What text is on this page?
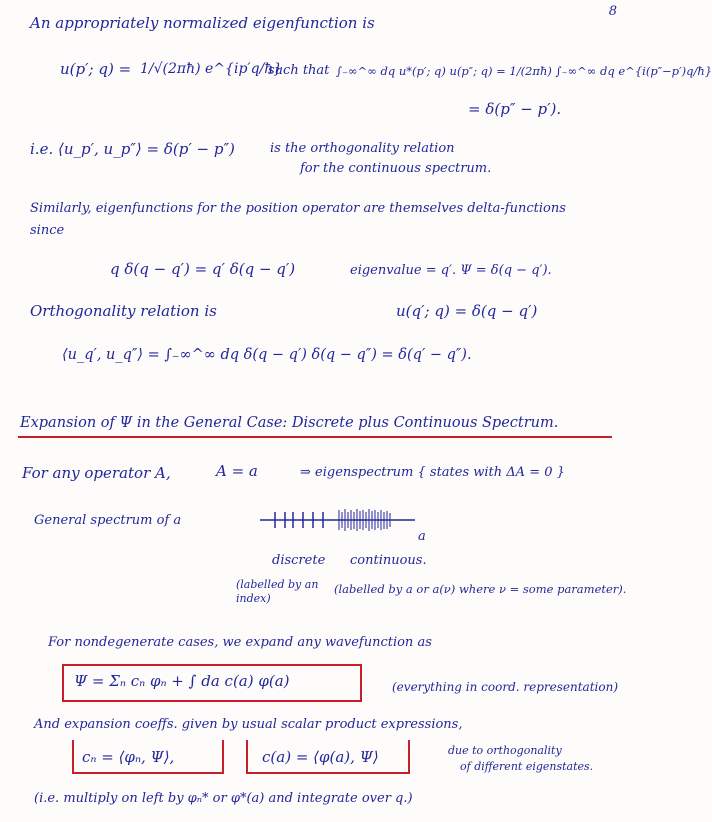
8
An appropriately normalized eigenfunction is
u(p′; q) = 1/√(2πħ) e^{ip′q/ħ}
such that ∫₋∞^∞ dq u*(p′; q) u(p″; q) = 1/(2πħ) ∫₋∞^∞ dq e^{i(p″−p′)q/ħ}
= δ(p″ − p′).
i.e. ⟨u_p′, u_p″⟩ = δ(p′ − p″)	is the orthogonality relation
for the continuous spectrum.
Similarly, eigenfunctions for the position operator are themselves delta-functions
since
q δ(q − q′) = q′ δ(q − q′)	eigenvalue = q′. Ψ = δ(q − q′).
Orthogonality relation is	u(q′; q) = δ(q − q′)
⟨u_q′, u_q″⟩ = ∫₋∞^∞ dq δ(q − q′) δ(q − q″) = δ(q′ − q″).
Expansion of Ψ in the General Case: Discrete plus Continuous Spectrum.
For any operator A,	A = a	⇒ eigenspectrum { states with ΔA = 0 }
General spectrum of a
a
discrete continuous.
(labelled by an index)
(labelled by a or a(ν) where ν = some parameter).
For nondegenerate cases, we expand any wavefunction as
Ψ = Σₙ cₙ φₙ + ∫ da c(a) φ(a)	(everything in coord. representation)
And expansion coeffs. given by usual scalar product expressions,
cₙ = ⟨φₙ, Ψ⟩,	c(a) = ⟨φ(a), Ψ⟩	due to orthogonality
of different eigenstates.
(i.e. multiply on left by φₙ* or φ*(a) and integrate over q.)
